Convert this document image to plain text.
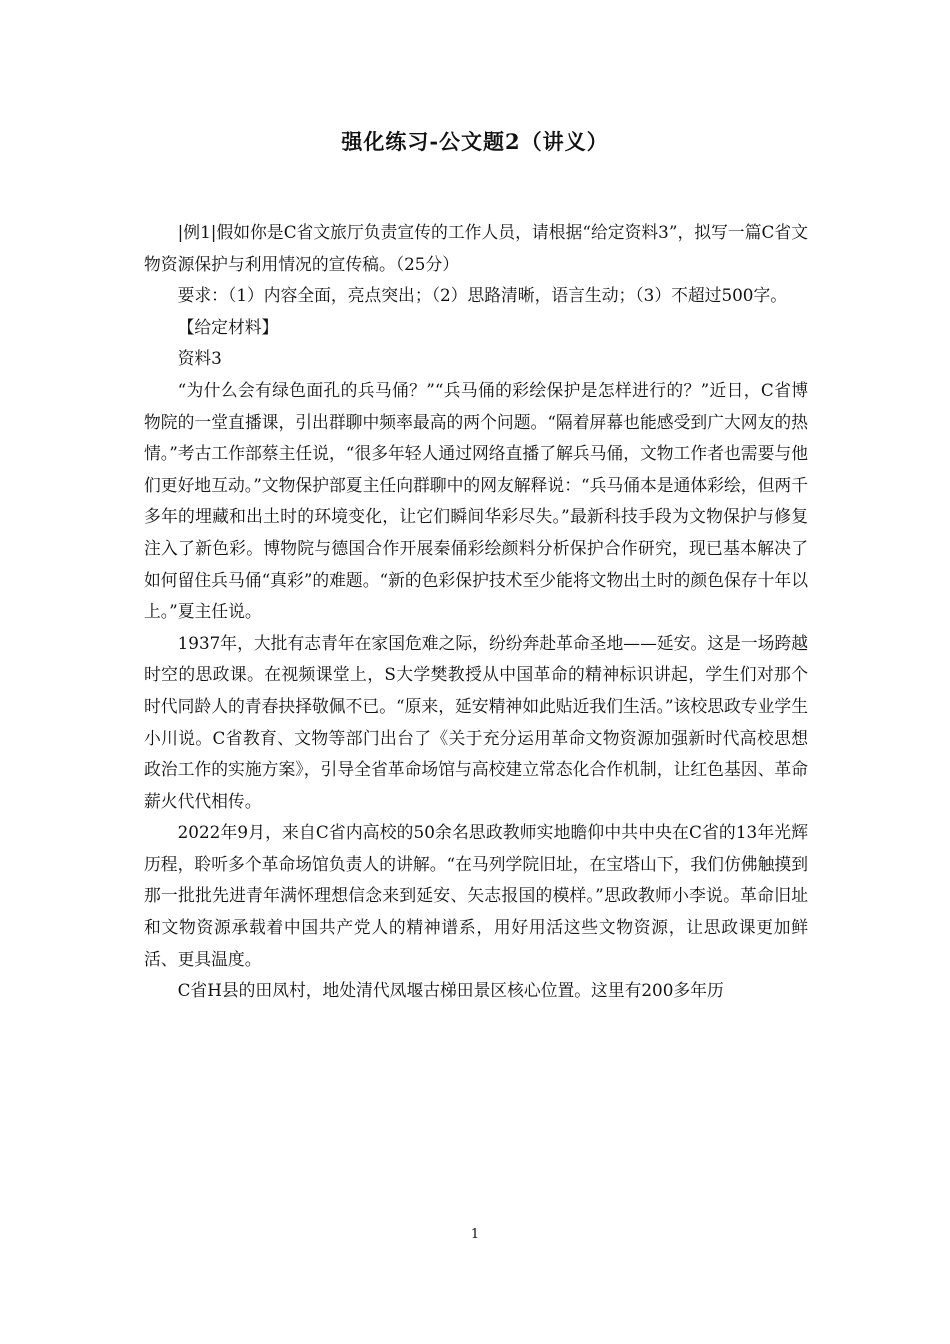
强化练习-公文题2（讲义）

|例1|假如你是C省文旅厅负责宣传的工作人员，请根据“给定资料3”，拟写一篇C省文物资源保护与利用情况的宣传稿。（25分）

要求：（1）内容全面，亮点突出；（2）思路清晰，语言生动；（3）不超过500字。

【给定材料】

资料3

“为什么会有绿色面孔的兵马俑？”“兵马俑的彩绘保护是怎样进行的？”近日，C省博物院的一堂直播课，引出群聊中频率最高的两个问题。“隔着屏幕也能感受到广大网友的热情。”考古工作部蔡主任说，“很多年轻人通过网络直播了解兵马俑，文物工作者也需要与他们更好地互动。”文物保护部夏主任向群聊中的网友解释说：“兵马俑本是通体彩绘，但两千多年的埋藏和出土时的环境变化，让它们瞬间华彩尽失。”最新科技手段为文物保护与修复注入了新色彩。博物院与德国合作开展秦俑彩绘颜料分析保护合作研究，现已基本解决了如何留住兵马俑“真彩”的难题。“新的色彩保护技术至少能将文物出土时的颜色保存十年以上。”夏主任说。

1937年，大批有志青年在家国危难之际，纷纷奔赴革命圣地——延安。这是一场跨越时空的思政课。在视频课堂上，S大学樊教授从中国革命的精神标识讲起，学生们对那个时代同龄人的青春抉择敬佩不已。“原来，延安精神如此贴近我们生活。”该校思政专业学生小川说。C省教育、文物等部门出台了《关于充分运用革命文物资源加强新时代高校思想政治工作的实施方案》，引导全省革命场馆与高校建立常态化合作机制，让红色基因、革命薪火代代相传。

2022年9月，来自C省内高校的50余名思政教师实地瞻仰中共中央在C省的13年光辉历程，聆听多个革命场馆负责人的讲解。“在马列学院旧址，在宝塔山下，我们仿佛触摸到那一批批先进青年满怀理想信念来到延安、矢志报国的模样。”思政教师小李说。革命旧址和文物资源承载着中国共产党人的精神谱系，用好用活这些文物资源，让思政课更加鲜活、更具温度。

C省H县的田凤村，地处清代凤堰古梯田景区核心位置。这里有200多年历

1
